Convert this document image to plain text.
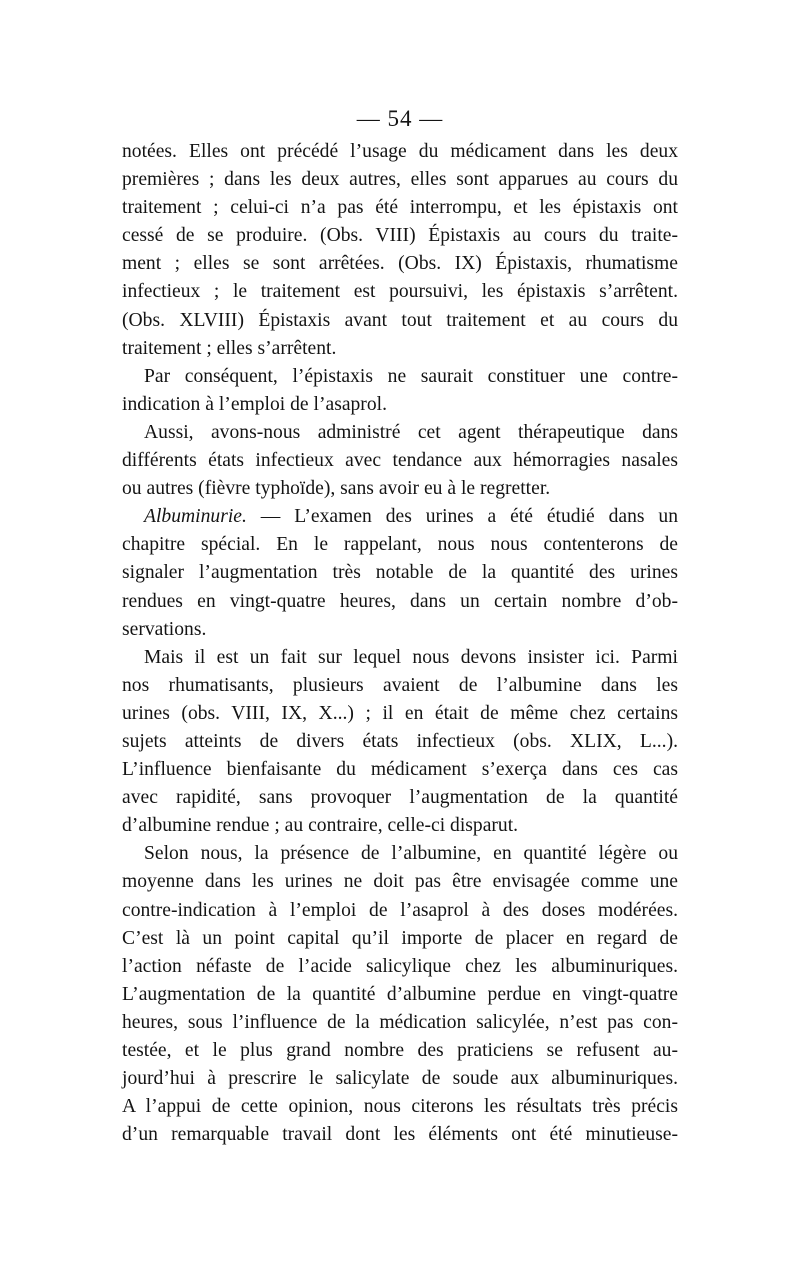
— 54 —
notées. Elles ont précédé l’usage du médicament dans les deux
premières ; dans les deux autres, elles sont apparues au cours du
traitement ; celui-ci n’a pas été interrompu, et les épistaxis ont
cessé de se produire. (Obs. VIII) Épistaxis au cours du traite-
ment ; elles se sont arrêtées. (Obs. IX) Épistaxis, rhumatisme
infectieux ; le traitement est poursuivi, les épistaxis s’arrêtent.
(Obs. XLVIII) Épistaxis avant tout traitement et au cours du
traitement ; elles s’arrêtent.
Par conséquent, l’épistaxis ne saurait constituer une contre-
indication à l’emploi de l’asaprol.
Aussi, avons-nous administré cet agent thérapeutique dans
différents états infectieux avec tendance aux hémorragies nasales
ou autres (fièvre typhoïde), sans avoir eu à le regretter.
Albuminurie. — L’examen des urines a été étudié dans un
chapitre spécial. En le rappelant, nous nous contenterons de
signaler l’augmentation très notable de la quantité des urines
rendues en vingt-quatre heures, dans un certain nombre d’ob-
servations.
Mais il est un fait sur lequel nous devons insister ici. Parmi
nos rhumatisants, plusieurs avaient de l’albumine dans les
urines (obs. VIII, IX, X...) ; il en était de même chez certains
sujets atteints de divers états infectieux (obs. XLIX, L...).
L’influence bienfaisante du médicament s’exerça dans ces cas
avec rapidité, sans provoquer l’augmentation de la quantité
d’albumine rendue ; au contraire, celle-ci disparut.
Selon nous, la présence de l’albumine, en quantité légère ou
moyenne dans les urines ne doit pas être envisagée comme une
contre-indication à l’emploi de l’asaprol à des doses modérées.
C’est là un point capital qu’il importe de placer en regard de
l’action néfaste de l’acide salicylique chez les albuminuriques.
L’augmentation de la quantité d’albumine perdue en vingt-quatre
heures, sous l’influence de la médication salicylée, n’est pas con-
testée, et le plus grand nombre des praticiens se refusent au-
jourd’hui à prescrire le salicylate de soude aux albuminuriques.
A l’appui de cette opinion, nous citerons les résultats très précis
d’un remarquable travail dont les éléments ont été minutieuse-
